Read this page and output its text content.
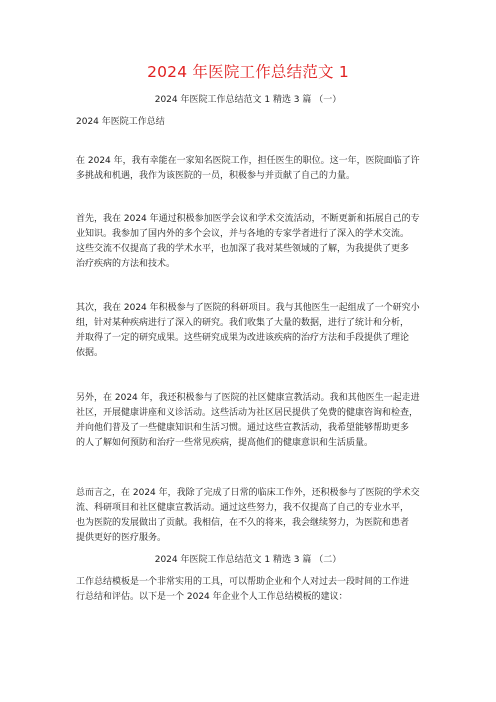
2024 年医院工作总结范文 1
2024 年医院工作总结范文 1 精选 3 篇 （一）
2024 年医院工作总结
在 2024 年，我有幸能在一家知名医院工作，担任医生的职位。这一年，医院面临了许
多挑战和机遇，我作为该医院的一员，积极参与并贡献了自己的力量。
首先，我在 2024 年通过积极参加医学会议和学术交流活动，不断更新和拓展自己的专
业知识。我参加了国内外的多个会议，并与各地的专家学者进行了深入的学术交流。
这些交流不仅提高了我的学术水平，也加深了我对某些领域的了解，为我提供了更多
治疗疾病的方法和技术。
其次，我在 2024 年积极参与了医院的科研项目。我与其他医生一起组成了一个研究小
组，针对某种疾病进行了深入的研究。我们收集了大量的数据，进行了统计和分析，
并取得了一定的研究成果。这些研究成果为改进该疾病的治疗方法和手段提供了理论
依据。
另外，在 2024 年，我还积极参与了医院的社区健康宣教活动。我和其他医生一起走进
社区，开展健康讲座和义诊活动。这些活动为社区居民提供了免费的健康咨询和检查，
并向他们普及了一些健康知识和生活习惯。通过这些宣教活动，我希望能够帮助更多
的人了解如何预防和治疗一些常见疾病，提高他们的健康意识和生活质量。
总而言之，在 2024 年，我除了完成了日常的临床工作外，还积极参与了医院的学术交
流、科研项目和社区健康宣教活动。通过这些努力，我不仅提高了自己的专业水平，
也为医院的发展做出了贡献。我相信，在不久的将来，我会继续努力，为医院和患者
提供更好的医疗服务。
2024 年医院工作总结范文 1 精选 3 篇 （二）
工作总结模板是一个非常实用的工具，可以帮助企业和个人对过去一段时间的工作进
行总结和评估。以下是一个 2024 年企业个人工作总结模板的建议：
